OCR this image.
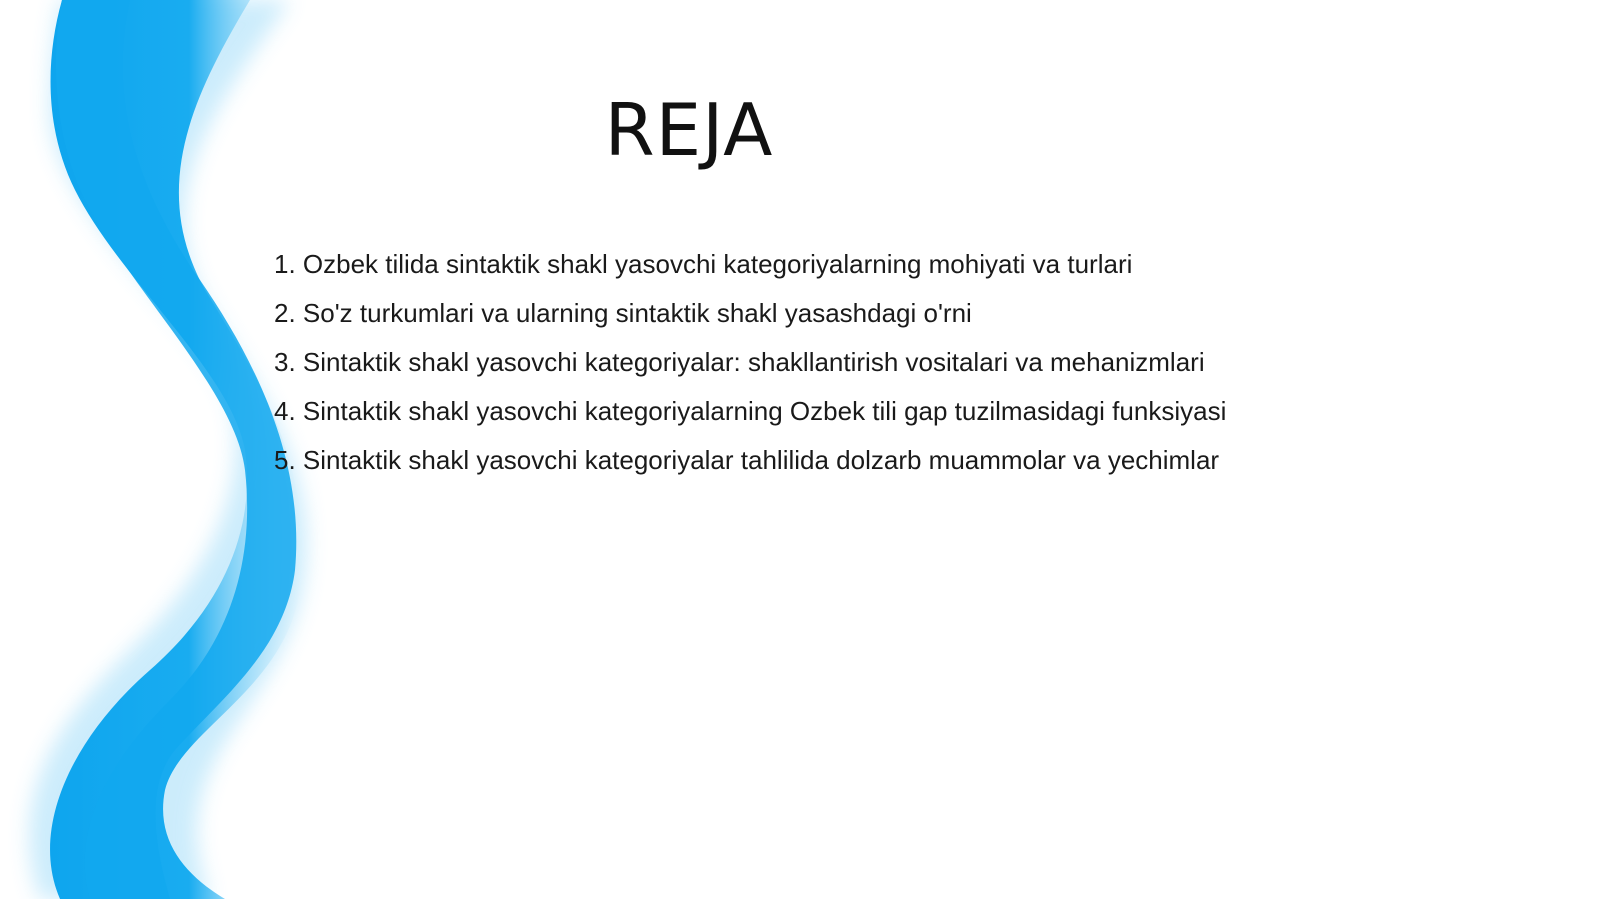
REJA
1. Ozbek tilida sintaktik shakl yasovchi kategoriyalarning mohiyati va turlari
2. So'z turkumlari va ularning sintaktik shakl yasashdagi o'rni
3. Sintaktik shakl yasovchi kategoriyalar: shakllantirish vositalari va mehanizmlari
4. Sintaktik shakl yasovchi kategoriyalarning Ozbek tili gap tuzilmasidagi funksiyasi
5. Sintaktik shakl yasovchi kategoriyalar tahlilida dolzarb muammolar va yechimlar
